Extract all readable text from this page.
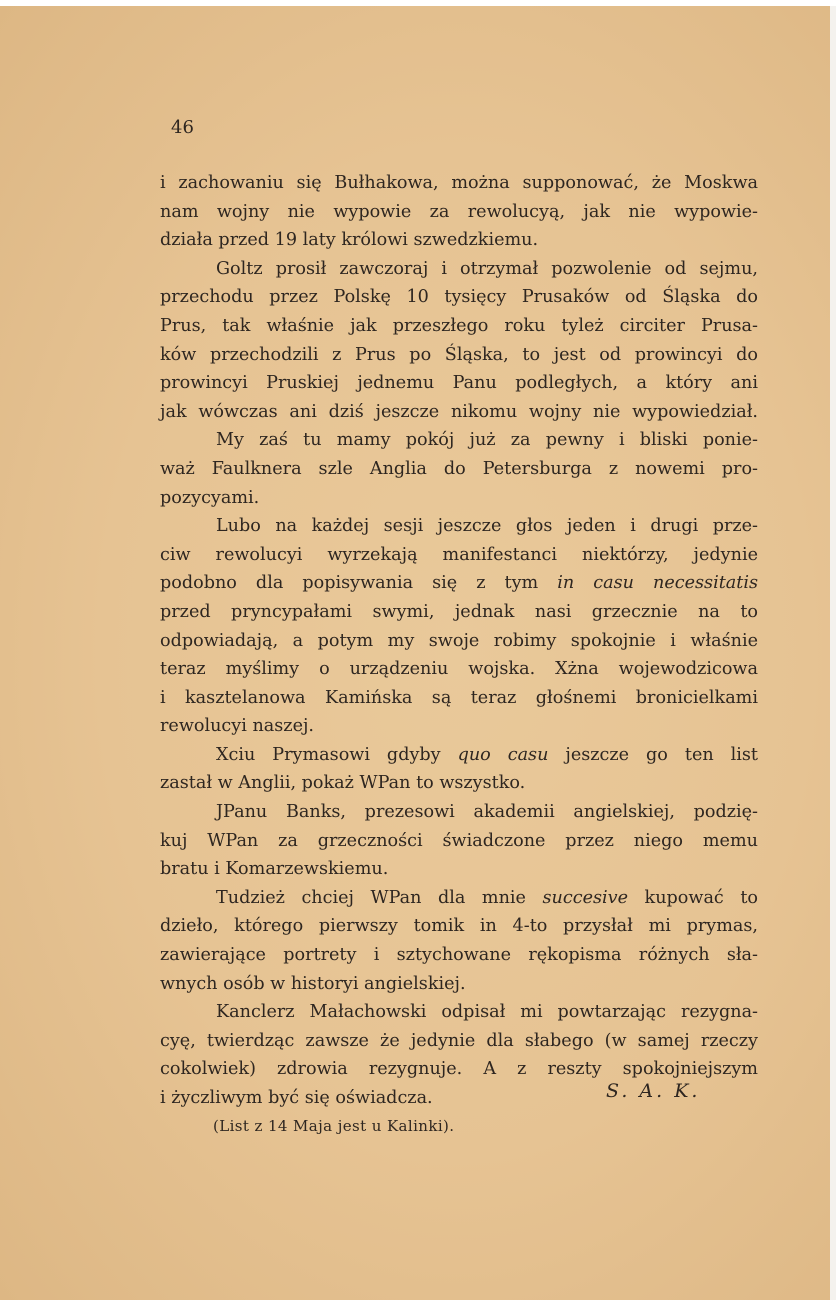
46
i zachowaniu się Bułhakowa, można supponować, że Moskwa
nam wojny nie wypowie za rewolucyą, jak nie wypowie-
działa przed 19 laty królowi szwedzkiemu.
Goltz prosił zawczoraj i otrzymał pozwolenie od sejmu,
przechodu przez Polskę 10 tysięcy Prusaków od Śląska do
Prus, tak właśnie jak przeszłego roku tyleż circiter Prusa-
ków przechodzili z Prus po Śląska, to jest od prowincyi do
prowincyi Pruskiej jednemu Panu podległych, a który ani
jak wówczas ani dziś jeszcze nikomu wojny nie wypowiedział.
My zaś tu mamy pokój już za pewny i bliski ponie-
waż Faulknera szle Anglia do Petersburga z nowemi pro-
pozycyami.
Lubo na każdej sesji jeszcze głos jeden i drugi prze-
ciw rewolucyi wyrzekają manifestanci niektórzy, jedynie
podobno dla popisywania się z tym in casu necessitatis
przed pryncypałami swymi, jednak nasi grzecznie na to
odpowiadają, a potym my swoje robimy spokojnie i właśnie
teraz myślimy o urządzeniu wojska. Xżna wojewodzicowa
i kasztelanowa Kamińska są teraz głośnemi bronicielkami
rewolucyi naszej.
Xciu Prymasowi gdyby quo casu jeszcze go ten list
zastał w Anglii, pokaż WPan to wszystko.
JPanu Banks, prezesowi akademii angielskiej, podzię-
kuj WPan za grzeczności świadczone przez niego memu
bratu i Komarzewskiemu.
Tudzież chciej WPan dla mnie succesive kupować to
dzieło, którego pierwszy tomik in 4-to przysłał mi prymas,
zawierające portrety i sztychowane rękopisma różnych sła-
wnych osób w historyi angielskiej.
Kanclerz Małachowski odpisał mi powtarzając rezygna-
cyę, twierdząc zawsze że jedynie dla słabego (w samej rzeczy
cokolwiek) zdrowia rezygnuje. A z reszty spokojniejszym
i życzliwym być się oświadcza.	S. A. K.
(List z 14 Maja jest u Kalinki).
